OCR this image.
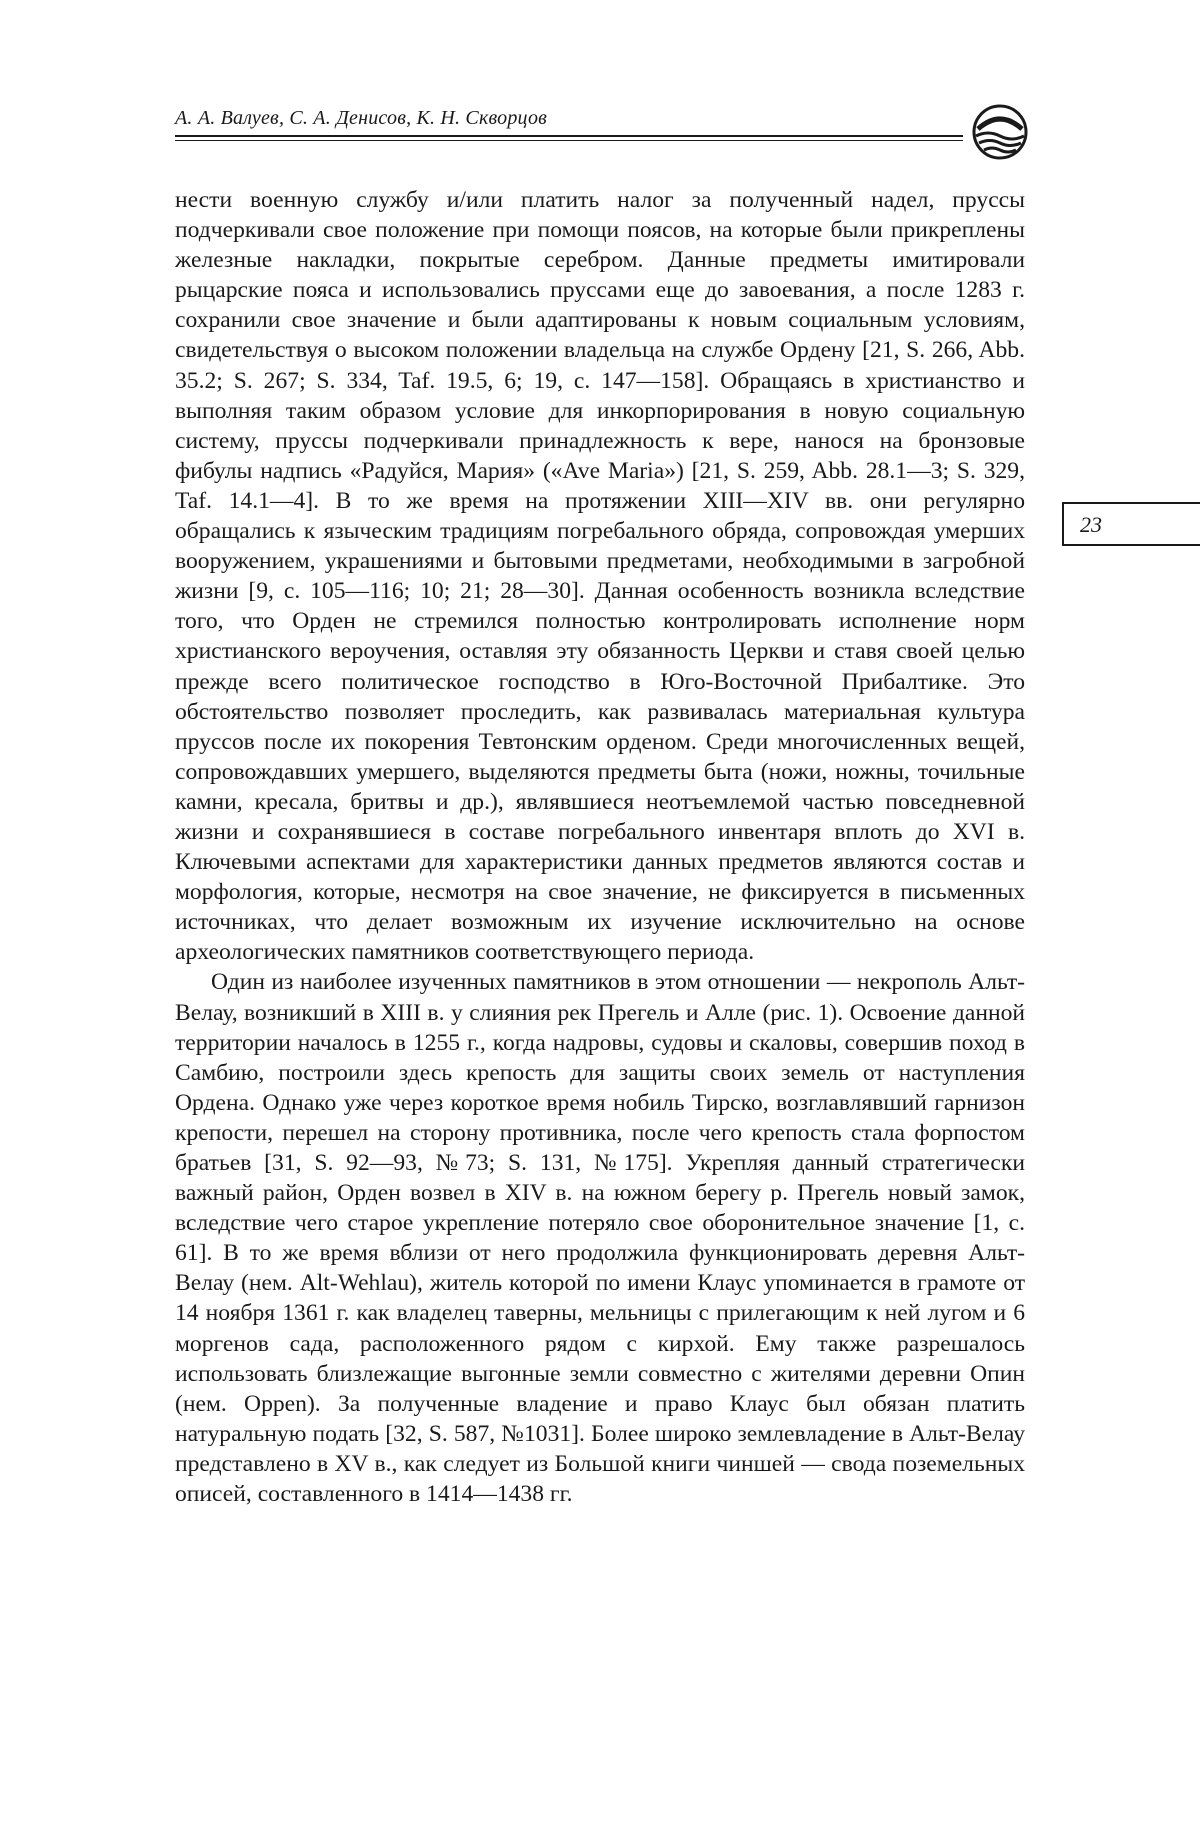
А. А. Валуев, С. А. Денисов, К. Н. Скворцов
23

нести военную службу и/или платить налог за полученный надел, пруссы подчеркивали свое положение при помощи поясов, на которые были прикреплены железные накладки, покрытые серебром. Данные предметы имитировали рыцарские пояса и использовались пруссами еще до завоевания, а после 1283 г. сохранили свое значение и были адаптированы к новым социальным условиям, свидетельствуя о высоком положении владельца на службе Ордену [21, S. 266, Abb. 35.2; S. 267; S. 334, Taf. 19.5, 6; 19, с. 147—158]. Обращаясь в христианство и выполняя таким образом условие для инкорпорирования в новую социальную систему, пруссы подчеркивали принадлежность к вере, нанося на бронзовые фибулы надпись «Радуйся, Мария» («Ave Maria») [21, S. 259, Abb. 28.1—3; S. 329, Taf. 14.1—4]. В то же время на протяжении XIII—XIV вв. они регулярно обращались к языческим традициям погребального обряда, сопровождая умерших вооружением, украшениями и бытовыми предметами, необходимыми в загробной жизни [9, с. 105—116; 10; 21; 28—30]. Данная особенность возникла вследствие того, что Орден не стремился полностью контролировать исполнение норм христианского вероучения, оставляя эту обязанность Церкви и ставя своей целью прежде всего политическое господство в Юго-Восточной Прибалтике. Это обстоятельство позволяет проследить, как развивалась материальная культура пруссов после их покорения Тевтонским орденом. Среди многочисленных вещей, сопровождавших умершего, выделяются предметы быта (ножи, ножны, точильные камни, кресала, бритвы и др.), являвшиеся неотъемлемой частью повседневной жизни и сохранявшиеся в составе погребального инвентаря вплоть до XVI в. Ключевыми аспектами для характеристики данных предметов являются состав и морфология, которые, несмотря на свое значение, не фиксируется в письменных источниках, что делает возможным их изучение исключительно на основе археологических памятников соответствующего периода.

Один из наиболее изученных памятников в этом отношении — некрополь Альт-Велау, возникший в XIII в. у слияния рек Прегель и Алле (рис. 1). Освоение данной территории началось в 1255 г., когда надровы, судовы и скаловы, совершив поход в Самбию, построили здесь крепость для защиты своих земель от наступления Ордена. Однако уже через короткое время нобиль Тирско, возглавлявший гарнизон крепости, перешел на сторону противника, после чего крепость стала форпостом братьев [31, S. 92—93, №73; S. 131, №175]. Укрепляя данный стратегически важный район, Орден возвел в XIV в. на южном берегу р. Прегель новый замок, вследствие чего старое укрепление потеряло свое оборонительное значение [1, с. 61]. В то же время вблизи от него продолжила функционировать деревня Альт-Велау (нем. Alt-Wehlau), житель которой по имени Клаус упоминается в грамоте от 14 ноября 1361 г. как владелец таверны, мельницы с прилегающим к ней лугом и 6 моргенов сада, расположенного рядом с кирхой. Ему также разрешалось использовать близлежащие выгонные земли совместно с жителями деревни Опин (нем. Oppen). За полученные владение и право Клаус был обязан платить натуральную подать [32, S. 587, №1031]. Более широко землевладение в Альт-Велау представлено в XV в., как следует из Большой книги чиншей — свода поземельных описей, составленного в 1414—1438 гг.
